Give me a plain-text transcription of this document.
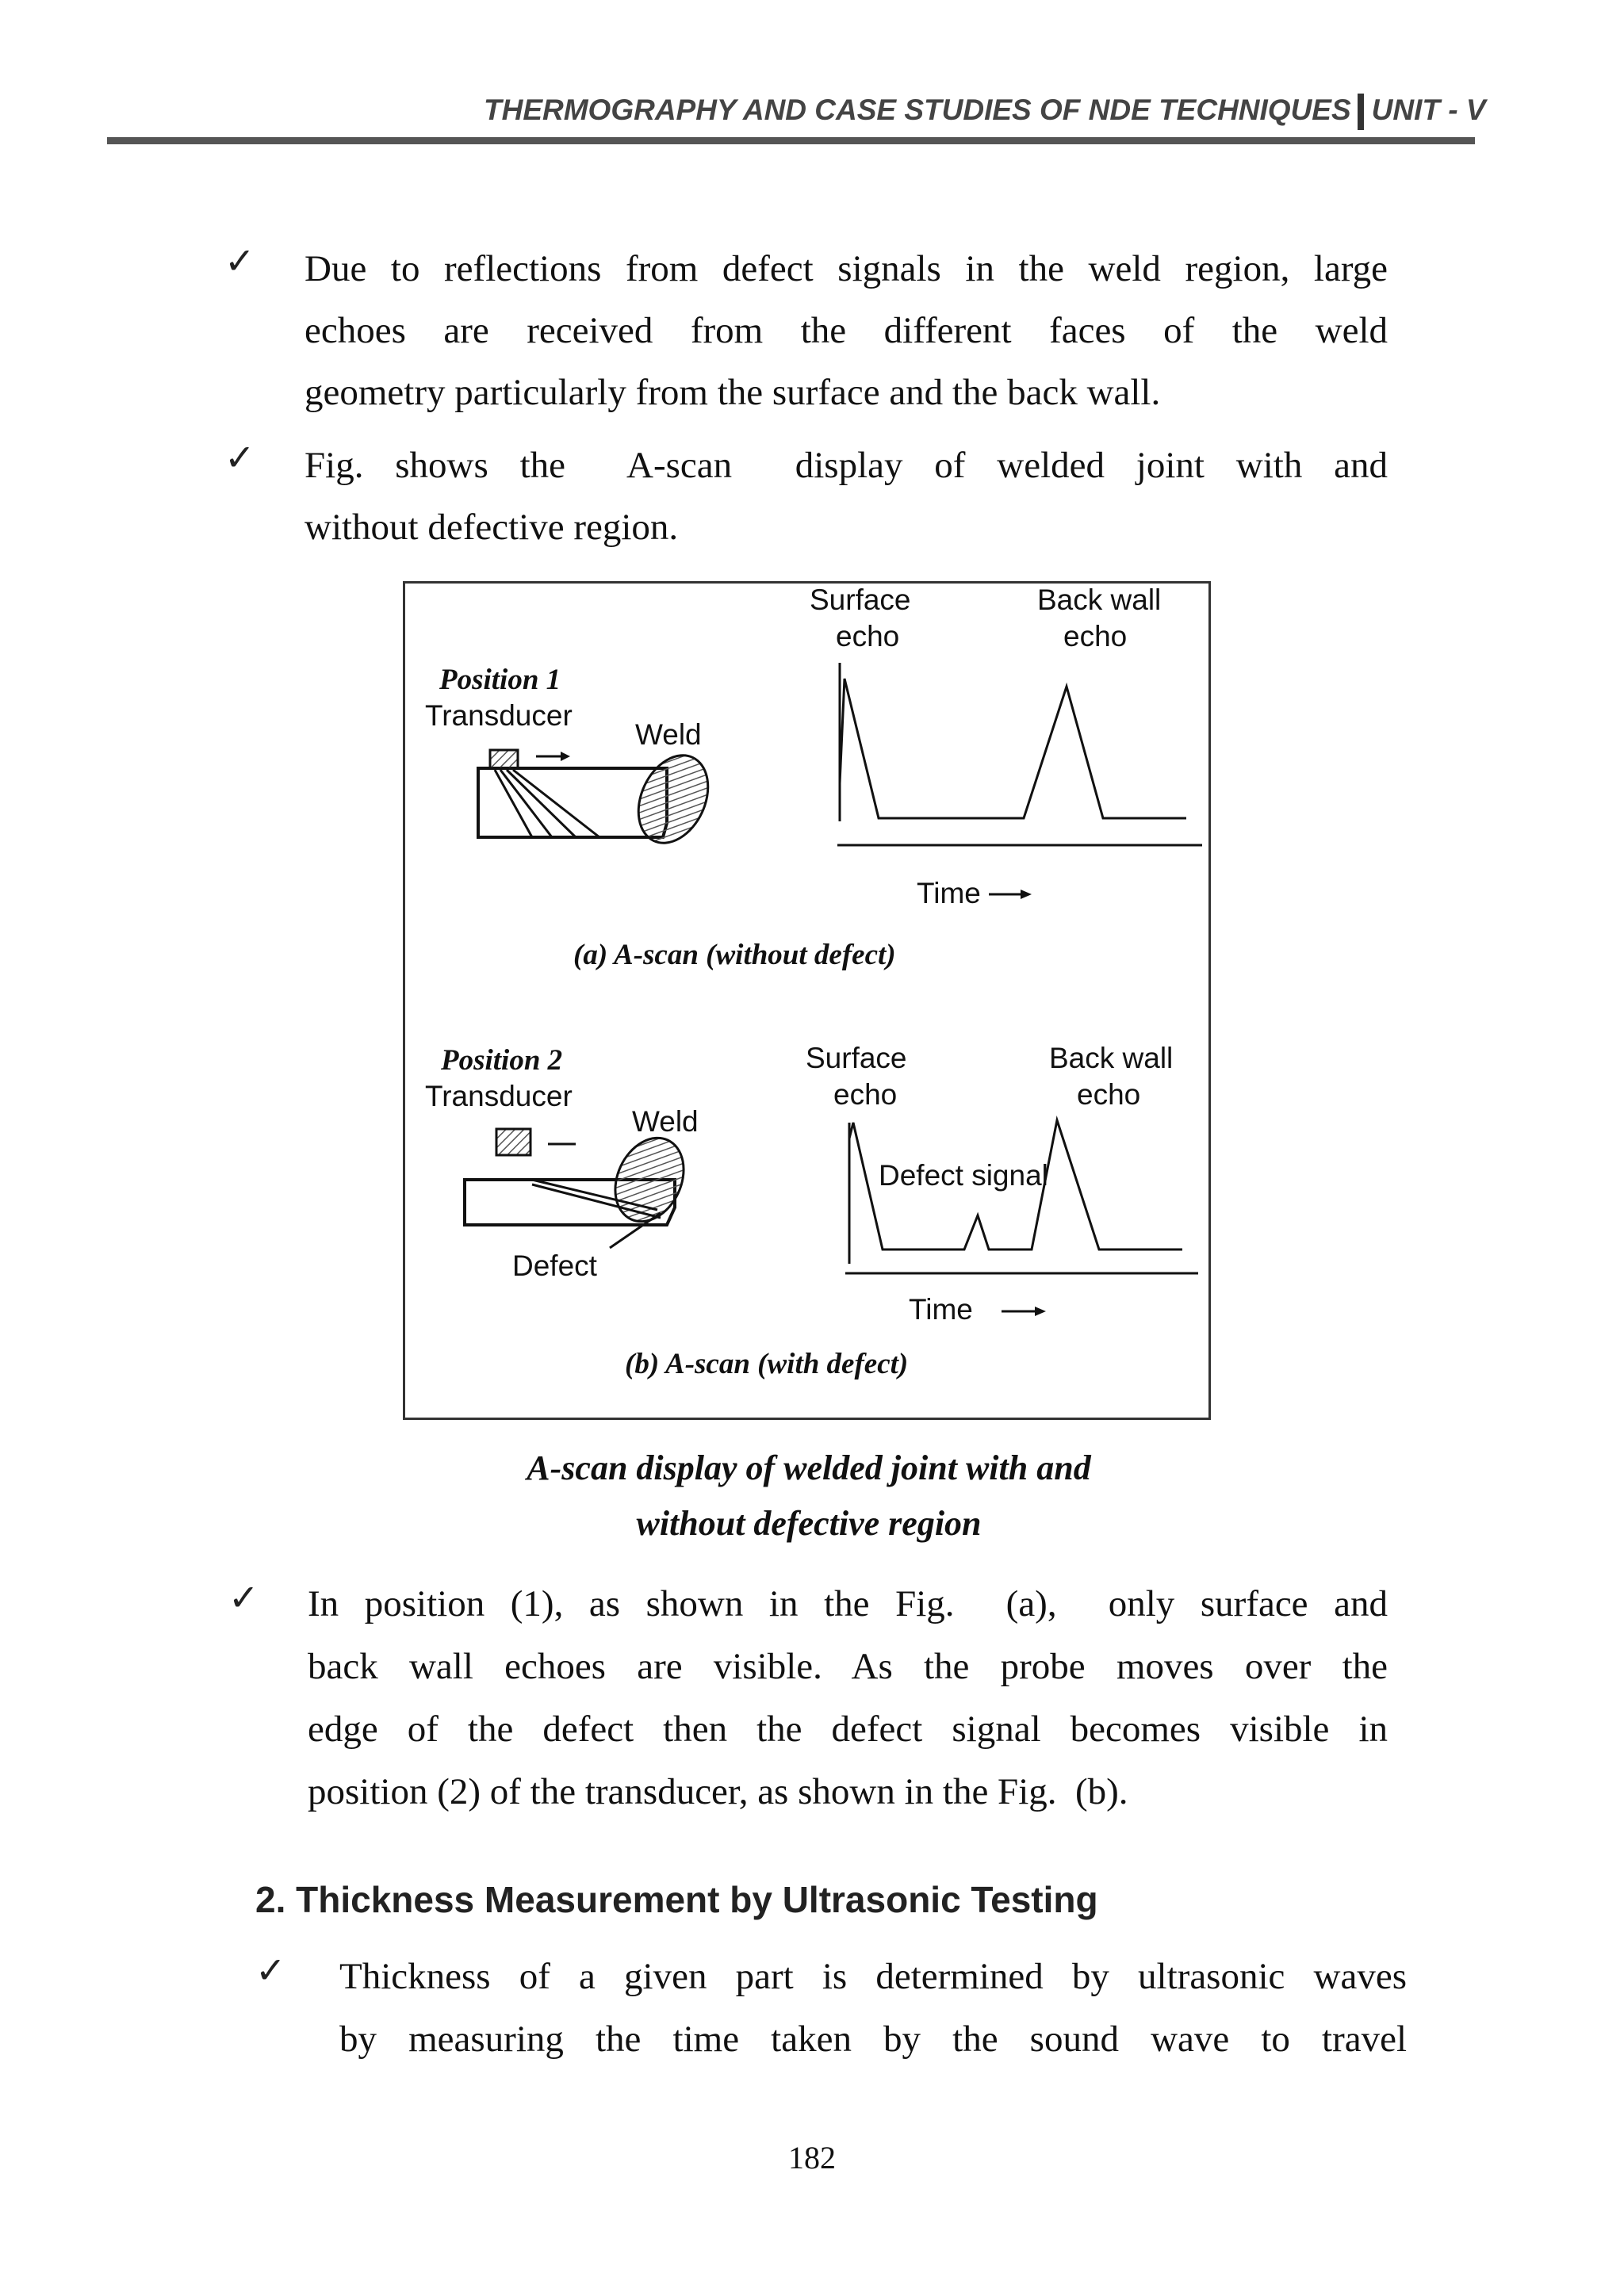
THERMOGRAPHY AND CASE STUDIES OF NDE TECHNIQUES UNIT - V
✓ Due to reflections from defect signals in the weld region, large
echoes are received from the different faces of the weld
geometry particularly from the surface and the back wall.
✓ Fig. shows the  A-scan  display of welded joint with and
without defective region.
Surface
echo
Back wall
echo
Position 1
Transducer
Weld
Time
(a) A-scan (without defect)
Position 2
Transducer
Weld
Surface
echo
Back wall
echo
Defect signal
Defect
Time
(b) A-scan (with defect)
A-scan display of welded joint with and
without defective region
✓ In position (1), as shown in the Fig.  (a),  only surface and
back wall echoes are visible. As the probe moves over the
edge of the defect then the defect signal becomes visible in
position (2) of the transducer, as shown in the Fig.  (b).
2. Thickness Measurement by Ultrasonic Testing
✓ Thickness of a given part is determined by ultrasonic waves
by measuring the time taken by the sound wave to travel
182
